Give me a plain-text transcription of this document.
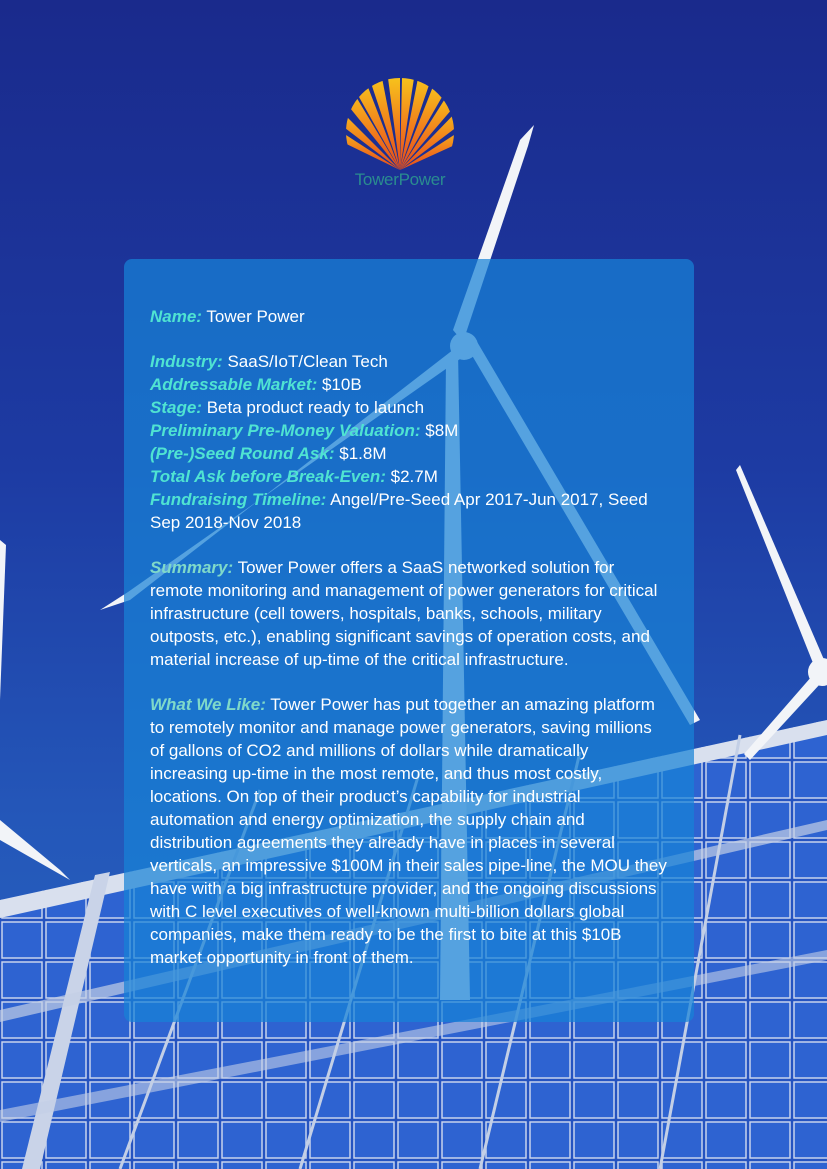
TowerPower

Name: Tower Power

Industry: SaaS/IoT/Clean Tech

Addressable Market: $10B

Stage: Beta product ready to launch

Preliminary Pre-Money Valuation: $8M

(Pre-)Seed Round Ask: $1.8M

Total Ask before Break-Even: $2.7M

Fundraising Timeline: Angel/Pre-Seed Apr 2017-Jun 2017, Seed Sep 2018-Nov 2018

Summary: Tower Power offers a SaaS networked solution for remote monitoring and management of power generators for critical infrastructure (cell towers, hospitals, banks, schools, military outposts, etc.), enabling significant savings of operation costs, and material increase of up-time of the critical infrastructure.

What We Like: Tower Power has put together an amazing platform to remotely monitor and manage power generators, saving millions of gallons of CO2 and millions of dollars while dramatically increasing up-time in the most remote, and thus most costly, locations. On top of their product’s capability for industrial automation and energy optimization, the supply chain and distribution agreements they already have in places in several verticals, an impressive $100M in their sales pipe-line, the MOU they have with a big infrastructure provider, and the ongoing discussions with C level executives of well-known multi-billion dollars global companies, make them ready to be the first to bite at this $10B market opportunity in front of them.
